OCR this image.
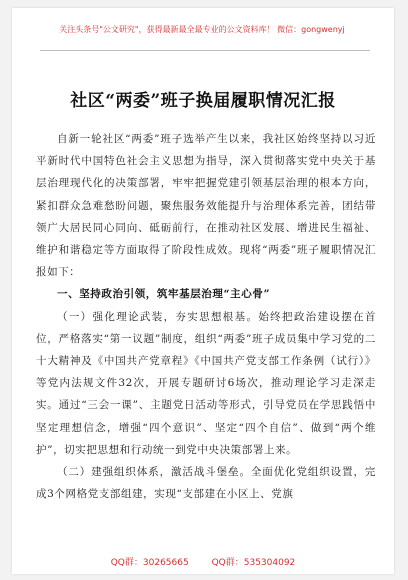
关注头条号"公文研究"，获得最新最全最专业的公文资料库！ 微信：gongwenyj
社区“两委”班子换届履职情况汇报

自新一轮社区“两委”班子选举产生以来，我社区始终坚持以习近平新时代中国特色社会主义思想为指导，深入贯彻落实党中央关于基层治理现代化的决策部署，牢牢把握党建引领基层治理的根本方向，紧扣群众急难愁盼问题，聚焦服务效能提升与治理体系完善，团结带领广大居民同心同向、砥砺前行，在推动社区发展、增进民生福祉、维护和谐稳定等方面取得了阶段性成效。现将“两委”班子履职情况汇报如下：

一、坚持政治引领，筑牢基层治理“主心骨”

（一）强化理论武装，夯实思想根基。始终把政治建设摆在首位，严格落实“第一议题”制度，组织“两委”班子成员集中学习党的二十大精神及《中国共产党章程》《中国共产党支部工作条例（试行）》等党内法规文件32次，开展专题研讨6场次，推动理论学习走深走实。通过“三会一课”、主题党日活动等形式，引导党员在学思践悟中坚定理想信念，增强“四个意识”、坚定“四个自信”、做到“两个维护”，切实把思想和行动统一到党中央决策部署上来。

（二）建强组织体系，激活战斗堡垒。全面优化党组织设置，完成3个网格党支部组建，实现“支部建在小区上、党旗

QQ群：30265665	QQ群：535304092
